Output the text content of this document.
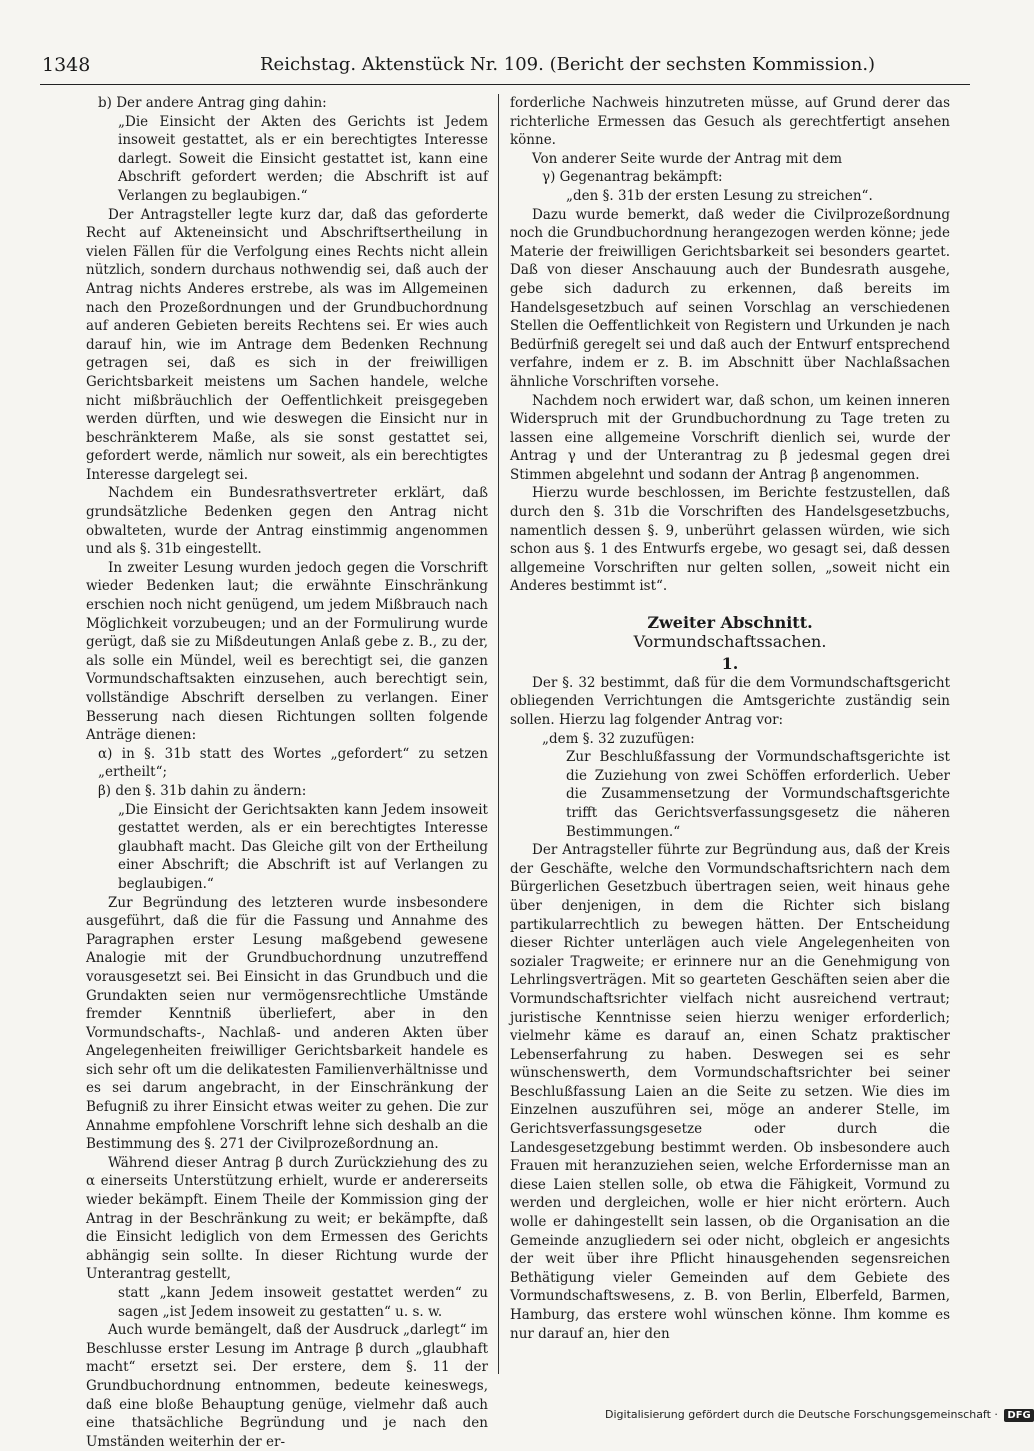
1348	Reichstag. Aktenstück Nr. 109. (Bericht der sechsten Kommission.)

b) Der andere Antrag ging dahin:

„Die Einsicht der Akten des Gerichts ist Jedem insoweit gestattet, als er ein berechtigtes Interesse darlegt. Soweit die Einsicht gestattet ist, kann eine Abschrift gefordert werden; die Abschrift ist auf Verlangen zu beglaubigen.“

Der Antragsteller legte kurz dar, daß das geforderte Recht auf Akteneinsicht und Abschriftsertheilung in vielen Fällen für die Verfolgung eines Rechts nicht allein nützlich, sondern durchaus nothwendig sei, daß auch der Antrag nichts Anderes erstrebe, als was im Allgemeinen nach den Prozeßordnungen und der Grundbuchordnung auf anderen Gebieten bereits Rechtens sei. Er wies auch darauf hin, wie im Antrage dem Bedenken Rechnung getragen sei, daß es sich in der freiwilligen Gerichtsbarkeit meistens um Sachen handele, welche nicht mißbräuchlich der Oeffentlichkeit preisgegeben werden dürften, und wie deswegen die Einsicht nur in beschränkterem Maße, als sie sonst gestattet sei, gefordert werde, nämlich nur soweit, als ein berechtigtes Interesse dargelegt sei.

Nachdem ein Bundesrathsvertreter erklärt, daß grundsätzliche Bedenken gegen den Antrag nicht obwalteten, wurde der Antrag einstimmig angenommen und als §. 31b eingestellt.

In zweiter Lesung wurden jedoch gegen die Vorschrift wieder Bedenken laut; die erwähnte Einschränkung erschien noch nicht genügend, um jedem Mißbrauch nach Möglichkeit vorzubeugen; und an der Formulirung wurde gerügt, daß sie zu Mißdeutungen Anlaß gebe z. B., zu der, als solle ein Mündel, weil es berechtigt sei, die ganzen Vormundschaftsakten einzusehen, auch berechtigt sein, vollständige Abschrift derselben zu verlangen. Einer Besserung nach diesen Richtungen sollten folgende Anträge dienen:

α) in §. 31b statt des Wortes „gefordert“ zu setzen „ertheilt“;

β) den §. 31b dahin zu ändern:

„Die Einsicht der Gerichtsakten kann Jedem insoweit gestattet werden, als er ein berechtigtes Interesse glaubhaft macht. Das Gleiche gilt von der Ertheilung einer Abschrift; die Abschrift ist auf Verlangen zu beglaubigen.“

Zur Begründung des letzteren wurde insbesondere ausgeführt, daß die für die Fassung und Annahme des Paragraphen erster Lesung maßgebend gewesene Analogie mit der Grundbuchordnung unzutreffend vorausgesetzt sei. Bei Einsicht in das Grundbuch und die Grundakten seien nur vermögensrechtliche Umstände fremder Kenntniß überliefert, aber in den Vormundschafts-, Nachlaß- und anderen Akten über Angelegenheiten freiwilliger Gerichtsbarkeit handele es sich sehr oft um die delikatesten Familienverhältnisse und es sei darum angebracht, in der Einschränkung der Befugniß zu ihrer Einsicht etwas weiter zu gehen. Die zur Annahme empfohlene Vorschrift lehne sich deshalb an die Bestimmung des §. 271 der Civilprozeßordnung an.

Während dieser Antrag β durch Zurückziehung des zu α einerseits Unterstützung erhielt, wurde er andererseits wieder bekämpft. Einem Theile der Kommission ging der Antrag in der Beschränkung zu weit; er bekämpfte, daß die Einsicht lediglich von dem Ermessen des Gerichts abhängig sein sollte. In dieser Richtung wurde der Unterantrag gestellt,

statt „kann Jedem insoweit gestattet werden“ zu sagen „ist Jedem insoweit zu gestatten“ u. s. w.

Auch wurde bemängelt, daß der Ausdruck „darlegt“ im Beschlusse erster Lesung im Antrage β durch „glaubhaft macht“ ersetzt sei. Der erstere, dem §. 11 der Grundbuchordnung entnommen, bedeute keineswegs, daß eine bloße Behauptung genüge, vielmehr daß auch eine thatsächliche Begründung und je nach den Umständen weiterhin der er-

forderliche Nachweis hinzutreten müsse, auf Grund derer das richterliche Ermessen das Gesuch als gerechtfertigt ansehen könne.

Von anderer Seite wurde der Antrag mit dem

γ) Gegenantrag bekämpft:

„den §. 31b der ersten Lesung zu streichen“.

Dazu wurde bemerkt, daß weder die Civilprozeßordnung noch die Grundbuchordnung herangezogen werden könne; jede Materie der freiwilligen Gerichtsbarkeit sei besonders geartet. Daß von dieser Anschauung auch der Bundesrath ausgehe, gebe sich dadurch zu erkennen, daß bereits im Handelsgesetzbuch auf seinen Vorschlag an verschiedenen Stellen die Oeffentlichkeit von Registern und Urkunden je nach Bedürfniß geregelt sei und daß auch der Entwurf entsprechend verfahre, indem er z. B. im Abschnitt über Nachlaßsachen ähnliche Vorschriften vorsehe.

Nachdem noch erwidert war, daß schon, um keinen inneren Widerspruch mit der Grundbuchordnung zu Tage treten zu lassen eine allgemeine Vorschrift dienlich sei, wurde der Antrag γ und der Unterantrag zu β jedesmal gegen drei Stimmen abgelehnt und sodann der Antrag β angenommen.

Hierzu wurde beschlossen, im Berichte festzustellen, daß durch den §. 31b die Vorschriften des Handelsgesetzbuchs, namentlich dessen §. 9, unberührt gelassen würden, wie sich schon aus §. 1 des Entwurfs ergebe, wo gesagt sei, daß dessen allgemeine Vorschriften nur gelten sollen, „soweit nicht ein Anderes bestimmt ist“.

Zweiter Abschnitt.

Vormundschaftssachen.

1.

Der §. 32 bestimmt, daß für die dem Vormundschaftsgericht obliegenden Verrichtungen die Amtsgerichte zuständig sein sollen. Hierzu lag folgender Antrag vor:

„dem §. 32 zuzufügen:

Zur Beschlußfassung der Vormundschaftsgerichte ist die Zuziehung von zwei Schöffen erforderlich. Ueber die Zusammensetzung der Vormundschaftsgerichte trifft das Gerichtsverfassungsgesetz die näheren Bestimmungen.“

Der Antragsteller führte zur Begründung aus, daß der Kreis der Geschäfte, welche den Vormundschaftsrichtern nach dem Bürgerlichen Gesetzbuch übertragen seien, weit hinaus gehe über denjenigen, in dem die Richter sich bislang partikularrechtlich zu bewegen hätten. Der Entscheidung dieser Richter unterlägen auch viele Angelegenheiten von sozialer Tragweite; er erinnere nur an die Genehmigung von Lehrlingsverträgen. Mit so gearteten Geschäften seien aber die Vormundschaftsrichter vielfach nicht ausreichend vertraut; juristische Kenntnisse seien hierzu weniger erforderlich; vielmehr käme es darauf an, einen Schatz praktischer Lebenserfahrung zu haben. Deswegen sei es sehr wünschenswerth, dem Vormundschaftsrichter bei seiner Beschlußfassung Laien an die Seite zu setzen. Wie dies im Einzelnen auszuführen sei, möge an anderer Stelle, im Gerichtsverfassungsgesetze oder durch die Landesgesetzgebung bestimmt werden. Ob insbesondere auch Frauen mit heranzuziehen seien, welche Erfordernisse man an diese Laien stellen solle, ob etwa die Fähigkeit, Vormund zu werden und dergleichen, wolle er hier nicht erörtern. Auch wolle er dahingestellt sein lassen, ob die Organisation an die Gemeinde anzugliedern sei oder nicht, obgleich er angesichts der weit über ihre Pflicht hinausgehenden segensreichen Bethätigung vieler Gemeinden auf dem Gebiete des Vormundschaftswesens, z. B. von Berlin, Elberfeld, Barmen, Hamburg, das erstere wohl wünschen könne. Ihm komme es nur darauf an, hier den

Digitalisierung gefördert durch die Deutsche Forschungsgemeinschaft · DFG
